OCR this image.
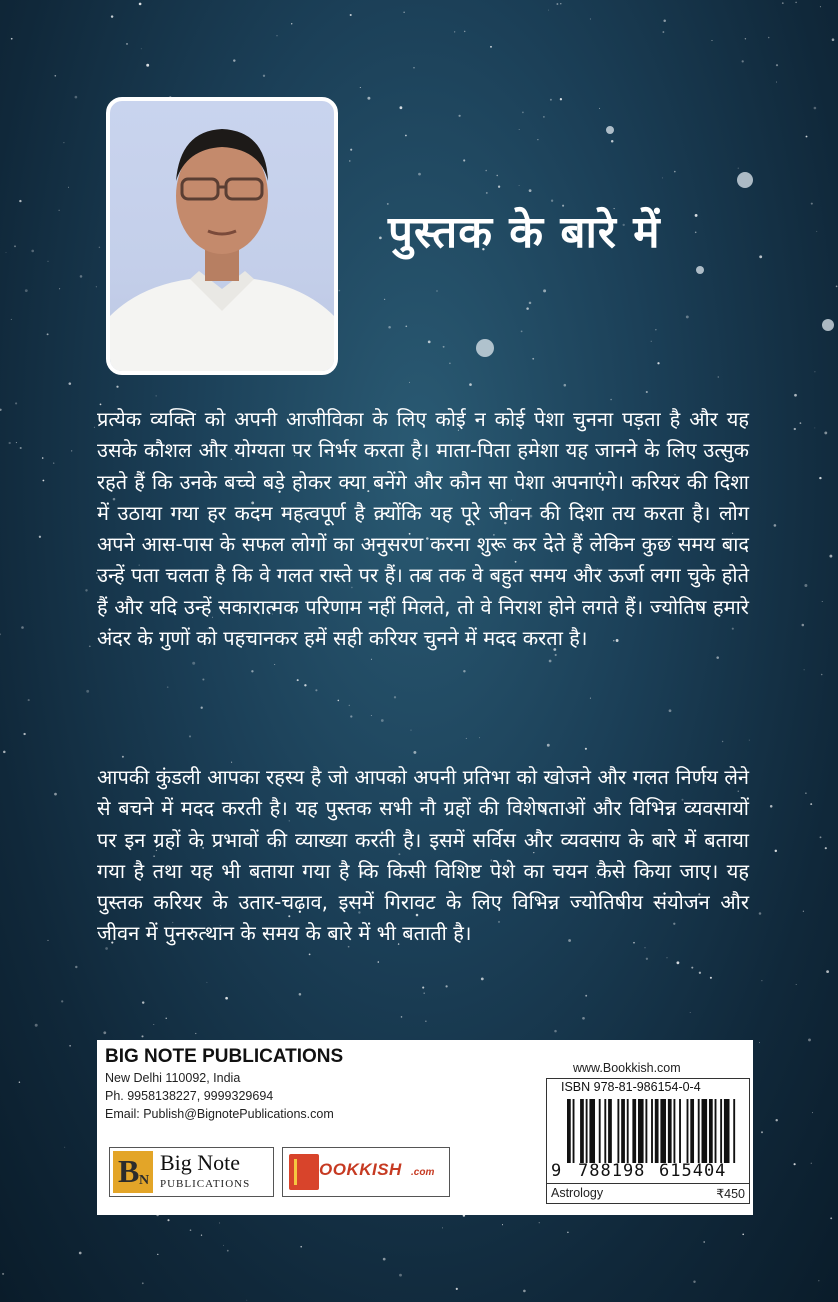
पुस्तक के बारे में

प्रत्येक व्यक्ति को अपनी आजीविका के लिए कोई न कोई पेशा चुनना पड़ता है और यह उसके कौशल और योग्यता पर निर्भर करता है। माता-पिता हमेशा यह जानने के लिए उत्सुक रहते हैं कि उनके बच्चे बड़े होकर क्या बनेंगे और कौन सा पेशा अपनाएंगे। करियर की दिशा में उठाया गया हर कदम महत्वपूर्ण है क्योंकि यह पूरे जीवन की दिशा तय करता है। लोग अपने आस-पास के सफल लोगों का अनुसरण करना शुरू कर देते हैं लेकिन कुछ समय बाद उन्हें पता चलता है कि वे गलत रास्ते पर हैं। तब तक वे बहुत समय और ऊर्जा लगा चुके होते हैं और यदि उन्हें सकारात्मक परिणाम नहीं मिलते, तो वे निराश होने लगते हैं। ज्योतिष हमारे अंदर के गुणों को पहचानकर हमें सही करियर चुनने में मदद करता है।

आपकी कुंडली आपका रहस्य है जो आपको अपनी प्रतिभा को खोजने और गलत निर्णय लेने से बचने में मदद करती है। यह पुस्तक सभी नौ ग्रहों की विशेषताओं और विभिन्न व्यवसायों पर इन ग्रहों के प्रभावों की व्याख्या करती है। इसमें सर्विस और व्यवसाय के बारे में बताया गया है तथा यह भी बताया गया है कि किसी विशिष्ट पेशे का चयन कैसे किया जाए। यह पुस्तक करियर के उतार-चढ़ाव, इसमें गिरावट के लिए विभिन्न ज्योतिषीय संयोजन और जीवन में पुनरुत्थान के समय के बारे में भी बताती है।

BIG NOTE PUBLICATIONS
New Delhi 110092, India
Ph. 9958138227, 9999329694
Email: Publish@BignotePublications.com
B N
Big Note
PUBLICATIONS
OOKKISH .com
www.Bookkish.com
ISBN 978-81-986154-0-4
9 788198 615404
Astrology	₹450
